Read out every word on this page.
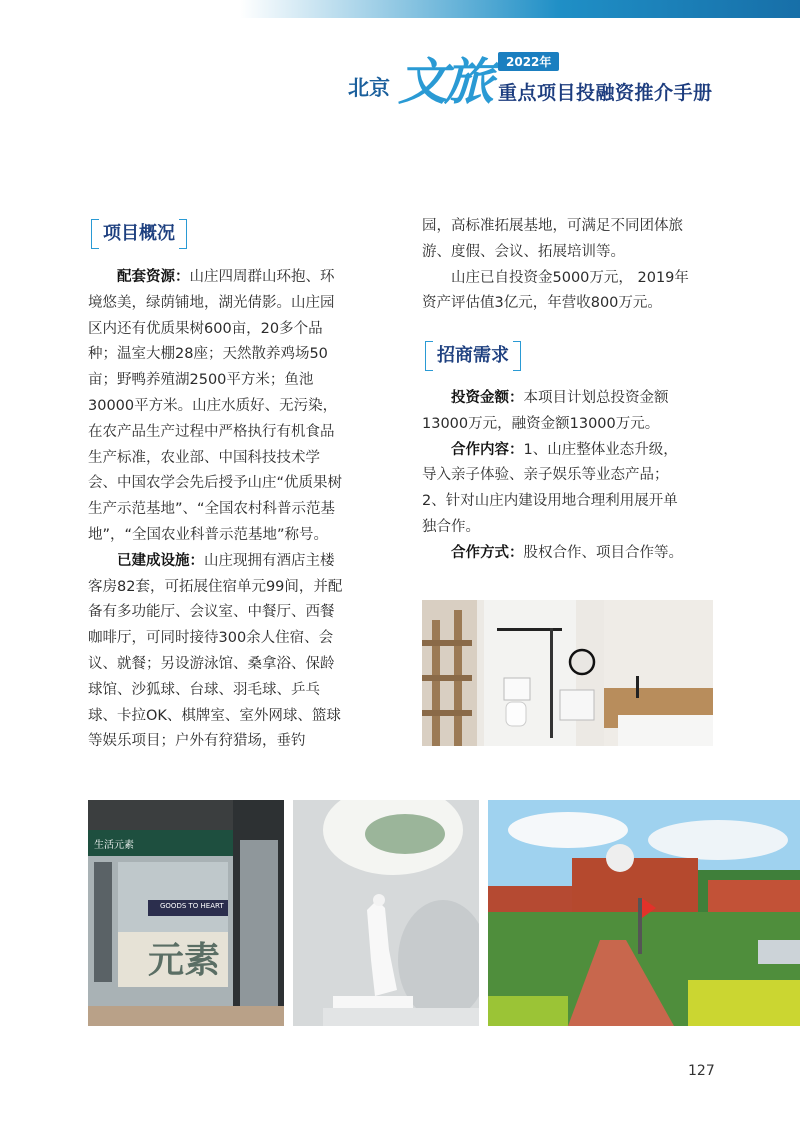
北京 文旅	2022年
重点项目投融资推介手册
项目概况

配套资源：山庄四周群山环抱、环境悠美，绿荫铺地，湖光倩影。山庄园区内还有优质果树600亩，20多个品种；温室大棚28座；天然散养鸡场50亩；野鸭养殖湖2500平方米；鱼池30000平方米。山庄水质好、无污染，在农产品生产过程中严格执行有机食品生产标准，农业部、中国科技技术学会、中国农学会先后授予山庄“优质果树生产示范基地”、“全国农村科普示范基地”，“全国农业科普示范基地”称号。

已建成设施：山庄现拥有酒店主楼客房82套，可拓展住宿单元99间，并配备有多功能厅、会议室、中餐厅、西餐咖啡厅，可同时接待300余人住宿、会议、就餐；另设游泳馆、桑拿浴、保龄球馆、沙狐球、台球、羽毛球、乒乓球、卡拉OK、棋牌室、室外网球、篮球等娱乐项目；户外有狩猎场，垂钓

园，高标准拓展基地，可满足不同团体旅游、度假、会议、拓展培训等。

山庄已自投资金5000万元， 2019年资产评估值3亿元，年营收800万元。

招商需求

投资金额：本项目计划总投资金额13000万元，融资金额13000万元。

合作内容：1、山庄整体业态升级，导入亲子体验、亲子娱乐等业态产品；2、针对山庄内建设用地合理利用展开单独合作。

合作方式：股权合作、项目合作等。

生活元素
GOODS TO HEART
元素
127
